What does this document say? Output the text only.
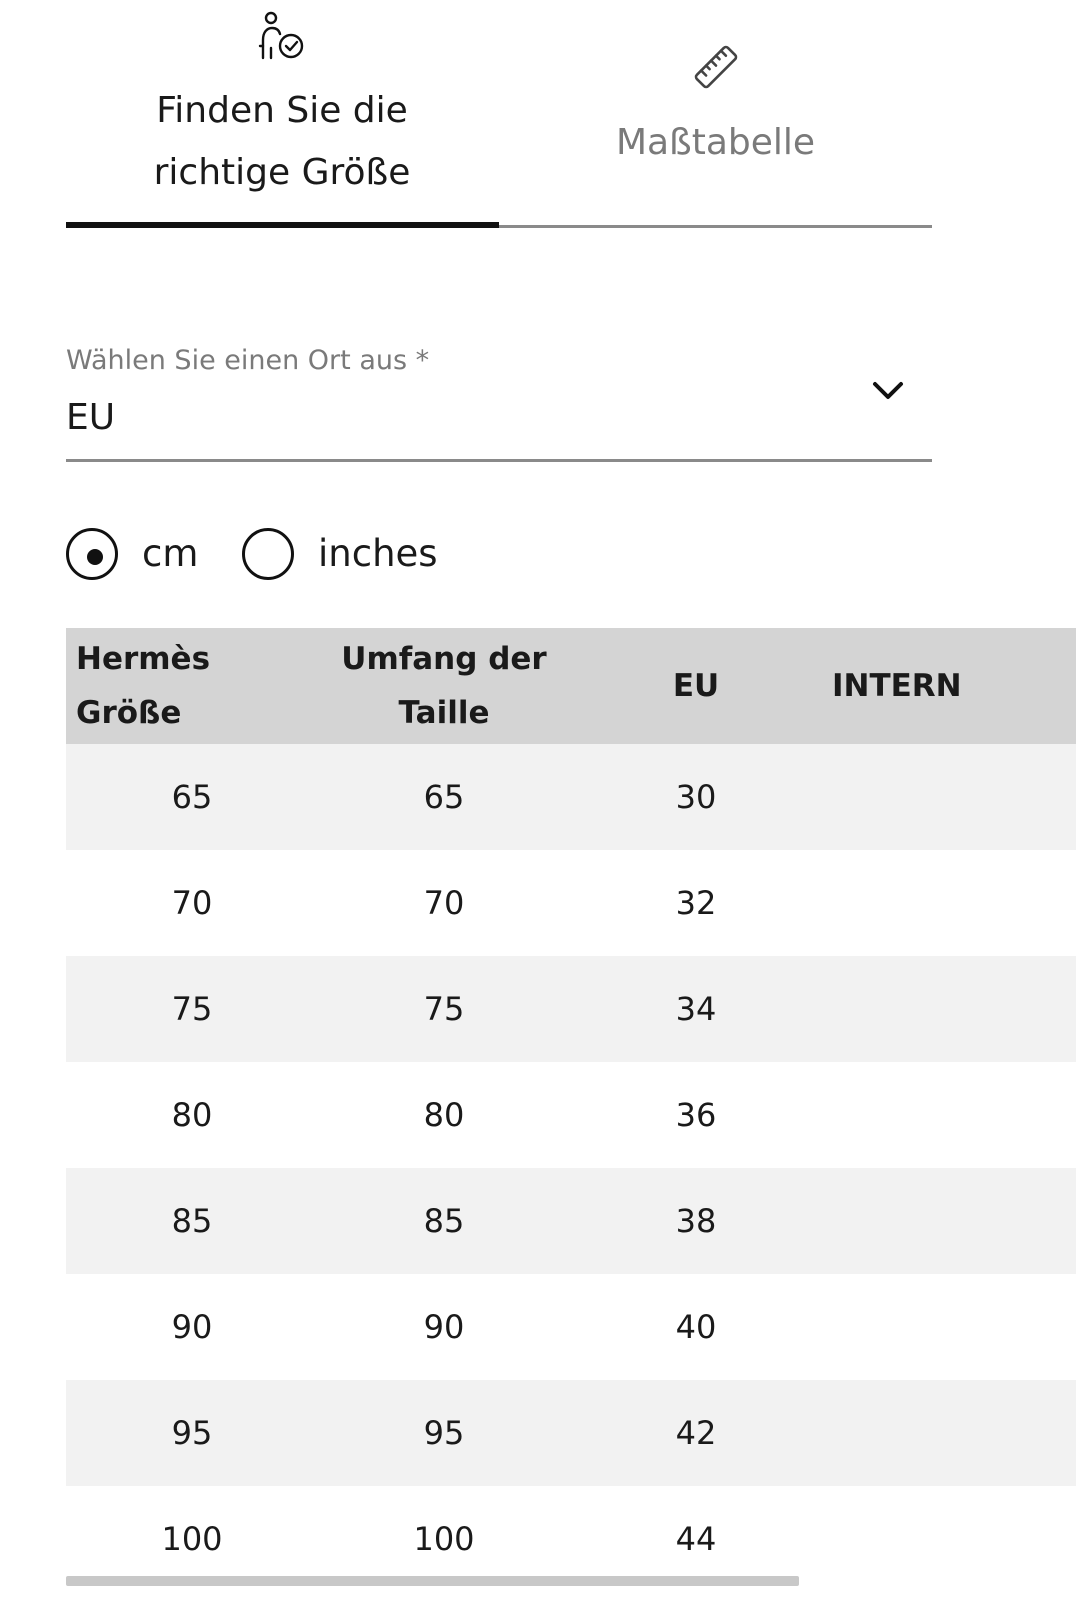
Finden Sie die richtige Größe
Maßtabelle
Wählen Sie einen Ort aus *
EU
cm	inches
Hermès Größe	Umfang der Taille	EU	INTERN
65	65	30	
70	70	32	
75	75	34	
80	80	36	
85	85	38	
90	90	40	
95	95	42	
100	100	44	
